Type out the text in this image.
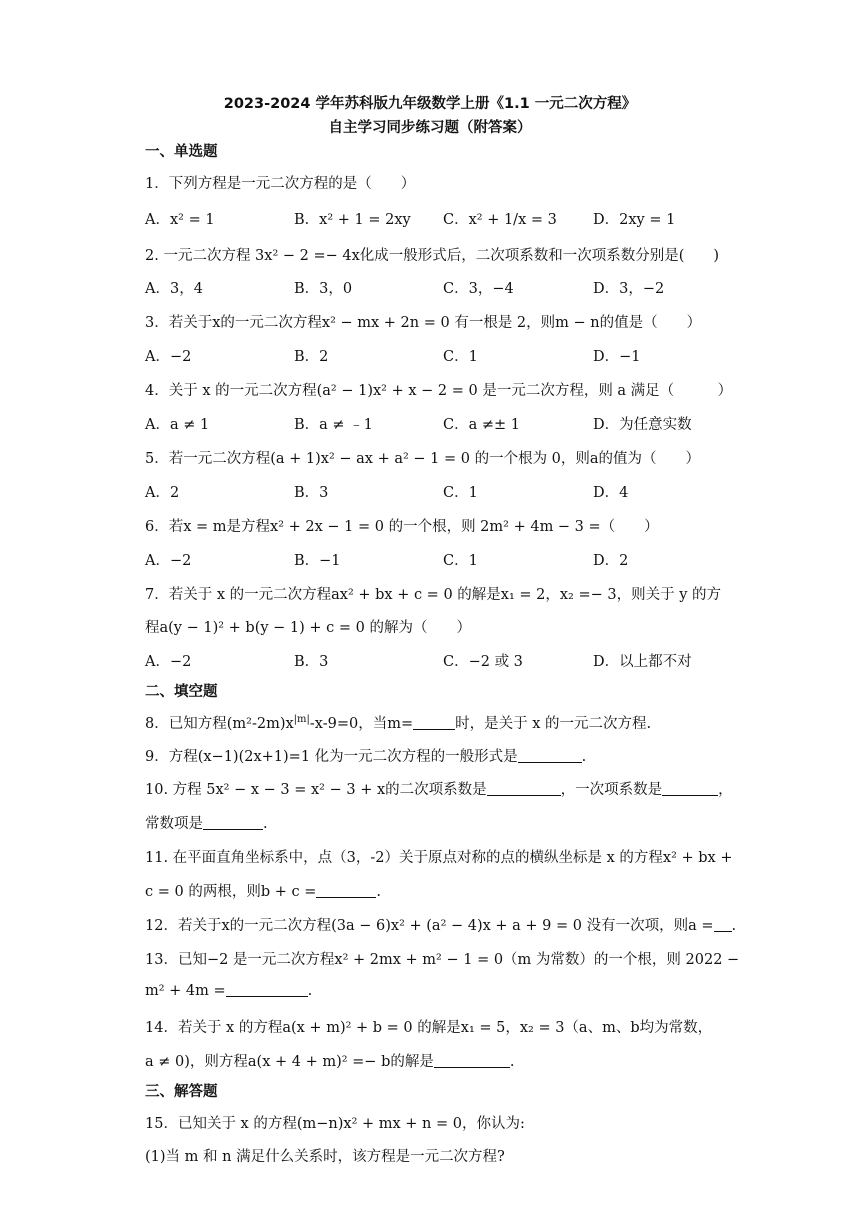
2023-2024 学年苏科版九年级数学上册《1.1 一元二次方程》
自主学习同步练习题（附答案）
一、单选题
1．下列方程是一元二次方程的是（　　）
A．x² = 1	B．x² + 1 = 2xy C．x² + 1/x = 3 D．2xy = 1
2. 一元二次方程 3x² − 2 =− 4x化成一般形式后，二次项系数和一次项系数分别是(　　)
A．3，4	B．3，0	C．3，−4	D．3，−2
3．若关于x的一元二次方程x² − mx + 2n = 0 有一根是 2，则m − n的值是（　　）
A．−2	B．2	C．1	D．−1
4．关于 x 的一元二次方程(a² − 1)x² + x − 2 = 0 是一元二次方程，则 a 满足（　　　）
A．a ≠ 1	B．a ≠ ﹣1	C．a ≠± 1	D．为任意实数
5．若一元二次方程(a + 1)x² − ax + a² − 1 = 0 的一个根为 0，则a的值为（　　）
A．2	B．3	C．1	D．4
6．若x = m是方程x² + 2x − 1 = 0 的一个根，则 2m² + 4m − 3 =（　　）
A．−2	B．−1	C．1	D．2
7．若关于 x 的一元二次方程ax² + bx + c = 0 的解是x₁ = 2，x₂ =− 3，则关于 y 的方
程a(y − 1)² + b(y − 1) + c = 0 的解为（　　）
A．−2	B．3	C．−2 或 3	D．以上都不对
二、填空题
8．已知方程$(m^2-2m)x^{|m|}-x-9=0$，当m=	时，是关于 x 的一元二次方程.
9．方程(x−1)(2x+1)=1 化为一元二次方程的一般形式是	.
10. 方程 5x² − x − 3 = x² − 3 + x的二次项系数是	，一次项系数是	，
常数项是	.
11. 在平面直角坐标系中，点（3，-2）关于原点对称的点的横纵坐标是 x 的方程x² + bx +
c = 0 的两根，则b + c =	.
12．若关于x的一元二次方程(3a − 6)x² + (a² − 4)x + a + 9 = 0 没有一次项，则a = .
13．已知−2 是一元二次方程x² + 2mx + m² − 1 = 0（m 为常数）的一个根，则 2022 −
m² + 4m =	.
14．若关于 x 的方程a(x + m)² + b = 0 的解是x₁ = 5，x₂ = 3（a、m、b均为常数，
a ≠ 0)，则方程a(x + 4 + m)² =− b的解是	.
三、解答题
15．已知关于 x 的方程(m−n)x² + mx + n = 0，你认为:
(1)当 m 和 n 满足什么关系时，该方程是一元二次方程?
